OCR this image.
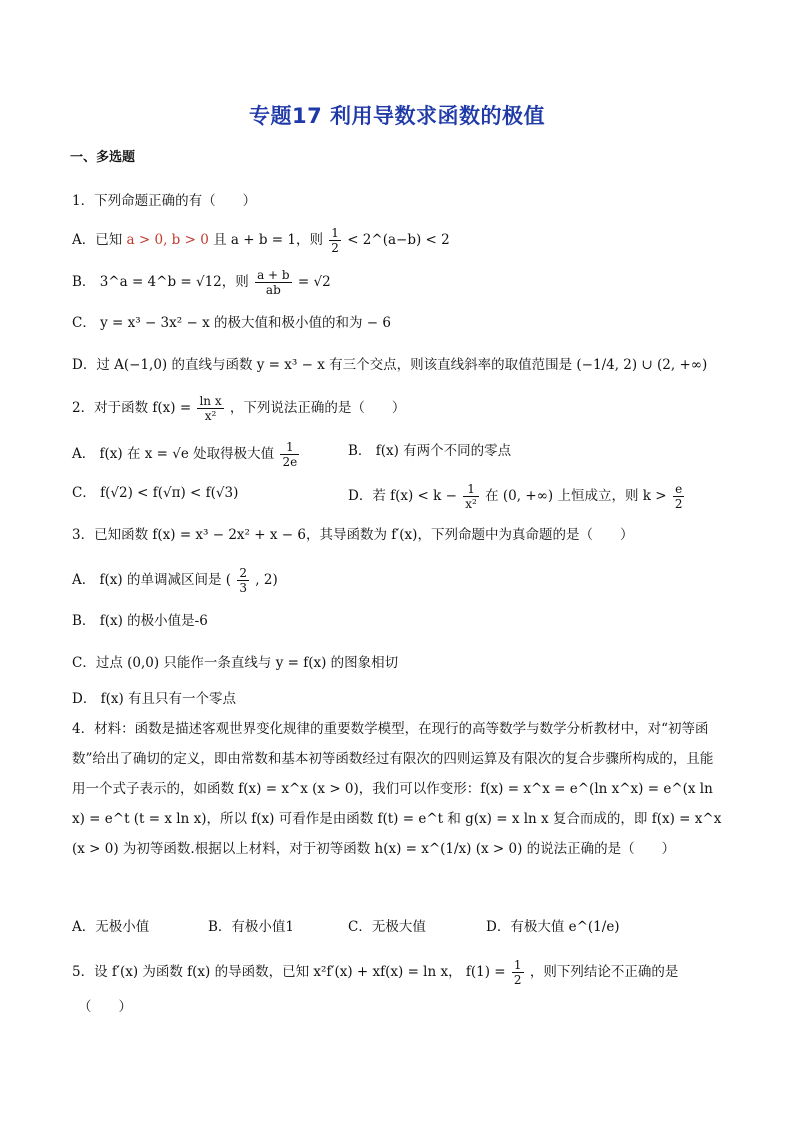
专题17 利用导数求函数的极值
一、多选题
1．下列命题正确的有（　　）
A．已知 a > 0, b > 0 且 a + b = 1，则 $\frac{1}{2}$ < 2^(a−b) < 2
B． 3^a = 4^b = √12，则 $\frac{a + b}{ab} = √2$
C． y = x³ − 3x² − x 的极大值和极小值的和为 − 6
D．过 A(−1,0) 的直线与函数 y = x³ − x 有三个交点，则该直线斜率的取值范围是 (−1/4, 2) ∪ (2, +∞)
2．对于函数 $f(x) = \frac{\text{ln x}}{\text{x²}}$ ，下列说法正确的是（　　）
A． f(x) 在 x = √e 处取得极大值 $\frac{1}{2e}$	B． f(x) 有两个不同的零点
C． f(√2) < f(√π) < f(√3)	D．若 $f(x) < k - \frac{1}{\text{x²}}$ 在 (0, +∞) 上恒成立，则 $k > \frac{e}{2}$
3．已知函数 f(x) = x³ − 2x² + x − 6，其导函数为 f′(x)，下列命题中为真命题的是（　　）
A． f(x) 的单调减区间是 ( $\frac{2}{3}$ , 2)
B． f(x) 的极小值是-6
C．过点 (0,0) 只能作一条直线与 y = f(x) 的图象相切
D． f(x) 有且只有一个零点
4．材料：函数是描述客观世界变化规律的重要数学模型，在现行的高等数学与数学分析教材中，对“初等函数”给出了确切的定义，即由常数和基本初等函数经过有限次的四则运算及有限次的复合步骤所构成的，且能用一个式子表示的，如函数 f(x) = x^x (x > 0)，我们可以作变形：f(x) = x^x = e^(ln x^x) = e^(x ln x) = e^t (t = x ln x)，所以 f(x) 可看作是由函数 f(t) = e^t 和 g(x) = x ln x 复合而成的，即 f(x) = x^x (x > 0) 为初等函数.根据以上材料，对于初等函数 h(x) = x^(1/x) (x > 0) 的说法正确的是（　　）
A．无极小值	B．有极小值1	C．无极大值	D．有极大值 e^(1/e)
5．设 f′(x) 为函数 f(x) 的导函数，已知 x²f′(x) + xf(x) = ln x， $f(1) = \frac{1}{2}$ ，则下列结论不正确的是
（　　）
